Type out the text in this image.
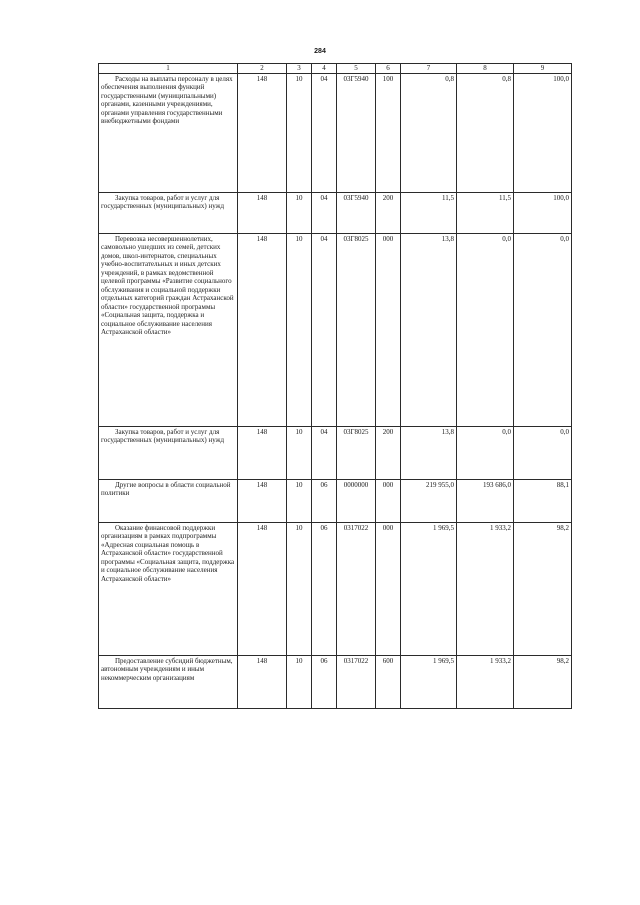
284
1	2	3	4	5	6	7	8	9

Расходы на выплаты персоналу в целях обеспечения выполнения функций государственными (муниципальными) органами, казенными учреждениями, органами управления государственными внебюджетными фондами	148	10	04	03Г5940	100	0,8	0,8	100,0

Закупка товаров, работ и услуг для государственных (муниципальных) нужд	148	10	04	03Г5940	200	11,5	11,5	100,0

Перевозка несовершеннолетних, самовольно ушедших из семей, детских домов, школ-интернатов, специальных учебно-воспитательных и иных детских учреждений, в рамках ведомственной целевой программы «Развитие социального обслуживания и социальной поддержки отдельных категорий граждан Астраханской области» государственной программы «Социальная защита, поддержка и социальное обслуживание населения Астраханской области»	148	10	04	03Г8025	000	13,8	0,0	0,0

Закупка товаров, работ и услуг для государственных (муниципальных) нужд	148	10	04	03Г8025	200	13,8	0,0	0,0

Другие вопросы в области социальной политики	148	10	06	0000000	000	219 955,0	193 686,0	88,1

Оказание финансовой поддержки организациям в рамках подпрограммы «Адресная социальная помощь в Астраханской области» государственной программы «Социальная защита, поддержка и социальное обслуживание населения Астраханской области»	148	10	06	0317022	000	1 969,5	1 933,2	98,2

Предоставление субсидий бюджетным, автономным учреждениям и иным некоммерческим организациям	148	10	06	0317022	600	1 969,5	1 933,2	98,2
